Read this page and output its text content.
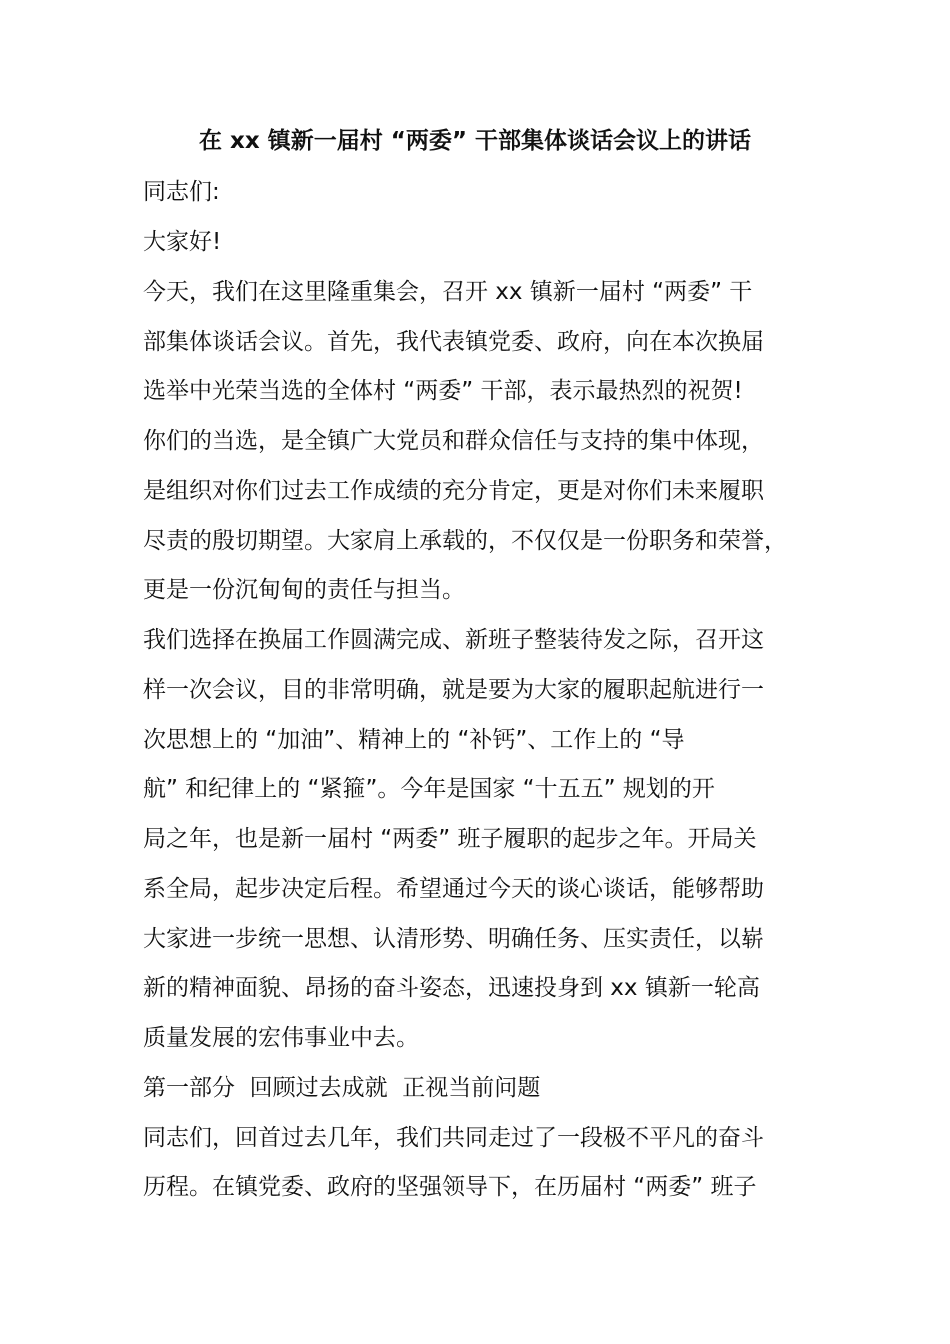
在 xx 镇新一届村 “两委” 干部集体谈话会议上的讲话
同志们:
大家好!
今天，我们在这里隆重集会，召开 xx 镇新一届村 “两委” 干
部集体谈话会议。首先，我代表镇党委、政府，向在本次换届
选举中光荣当选的全体村 “两委” 干部，表示最热烈的祝贺!
你们的当选，是全镇广大党员和群众信任与支持的集中体现，
是组织对你们过去工作成绩的充分肯定，更是对你们未来履职
尽责的殷切期望。大家肩上承载的，不仅仅是一份职务和荣誉，
更是一份沉甸甸的责任与担当。
我们选择在换届工作圆满完成、新班子整装待发之际，召开这
样一次会议，目的非常明确，就是要为大家的履职起航进行一
次思想上的 “加油”、精神上的 “补钙”、工作上的 “导
航” 和纪律上的 “紧箍”。今年是国家 “十五五” 规划的开
局之年，也是新一届村 “两委” 班子履职的起步之年。开局关
系全局，起步决定后程。希望通过今天的谈心谈话，能够帮助
大家进一步统一思想、认清形势、明确任务、压实责任，以崭
新的精神面貌、昂扬的奋斗姿态，迅速投身到 xx 镇新一轮高
质量发展的宏伟事业中去。
第一部分  回顾过去成就  正视当前问题
同志们，回首过去几年，我们共同走过了一段极不平凡的奋斗
历程。在镇党委、政府的坚强领导下，在历届村 “两委” 班子
